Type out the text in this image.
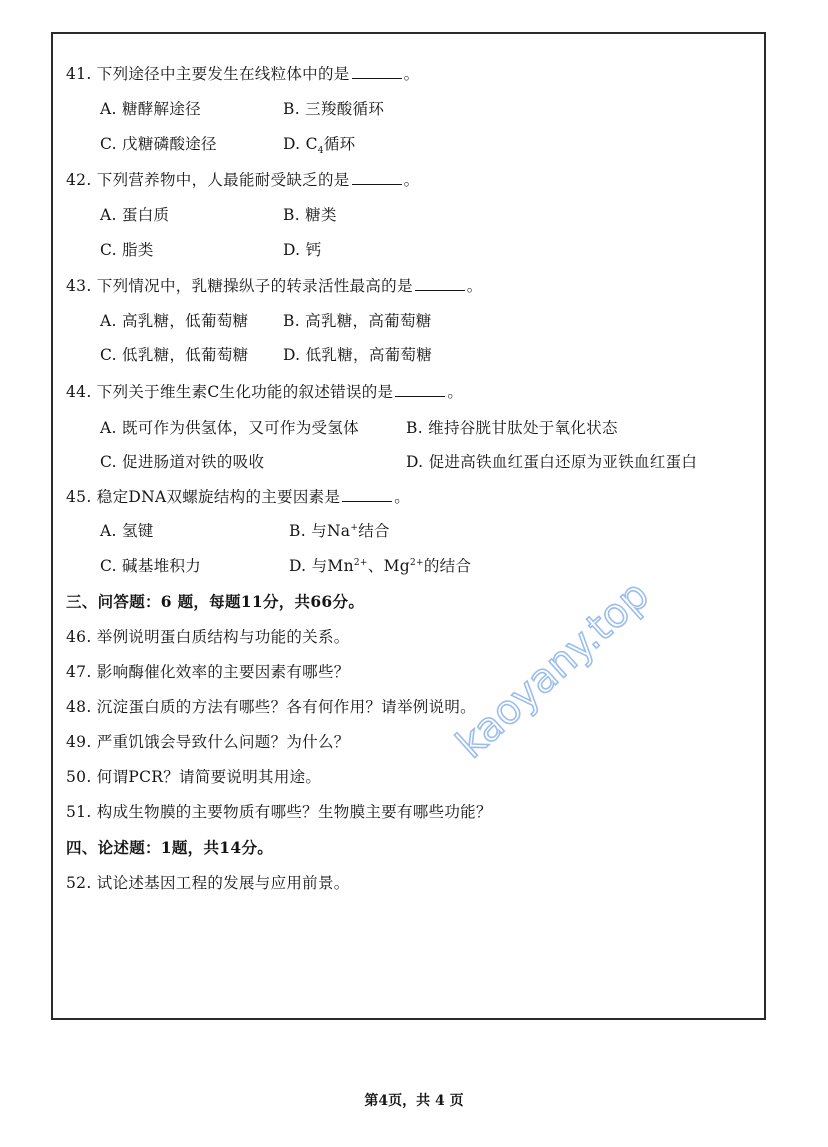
41. 下列途径中主要发生在线粒体中的是	。
A. 糖酵解途径	B. 三羧酸循环
C. 戊糖磷酸途径	D. $C_4$循环
42. 下列营养物中，人最能耐受缺乏的是	。
A. 蛋白质	B. 糖类
C. 脂类	D. 钙
43. 下列情况中，乳糖操纵子的转录活性最高的是	。
A. 高乳糖，低葡萄糖 B. 高乳糖，高葡萄糖
C. 低乳糖，低葡萄糖 D. 低乳糖，高葡萄糖
44. 下列关于维生素C生化功能的叙述错误的是	。
A. 既可作为供氢体，又可作为受氢体	B. 维持谷胱甘肽处于氧化状态
C. 促进肠道对铁的吸收	D. 促进高铁血红蛋白还原为亚铁血红蛋白
45. 稳定DNA双螺旋结构的主要因素是	。
A. 氢键	B. 与Na+结合
C. 碱基堆积力	D. 与$Mn^{2+}$、$Mg^{2+}$的结合
三、问答题：6 题，每题11分，共66分。
46. 举例说明蛋白质结构与功能的关系。
47. 影响酶催化效率的主要因素有哪些？
48. 沉淀蛋白质的方法有哪些？各有何作用？请举例说明。
49. 严重饥饿会导致什么问题？为什么？
50. 何谓PCR？请简要说明其用途。
51. 构成生物膜的主要物质有哪些？生物膜主要有哪些功能？
四、论述题：1题，共14分。
52. 试论述基因工程的发展与应用前景。
kaoyany.top
第4页，共 4 页
